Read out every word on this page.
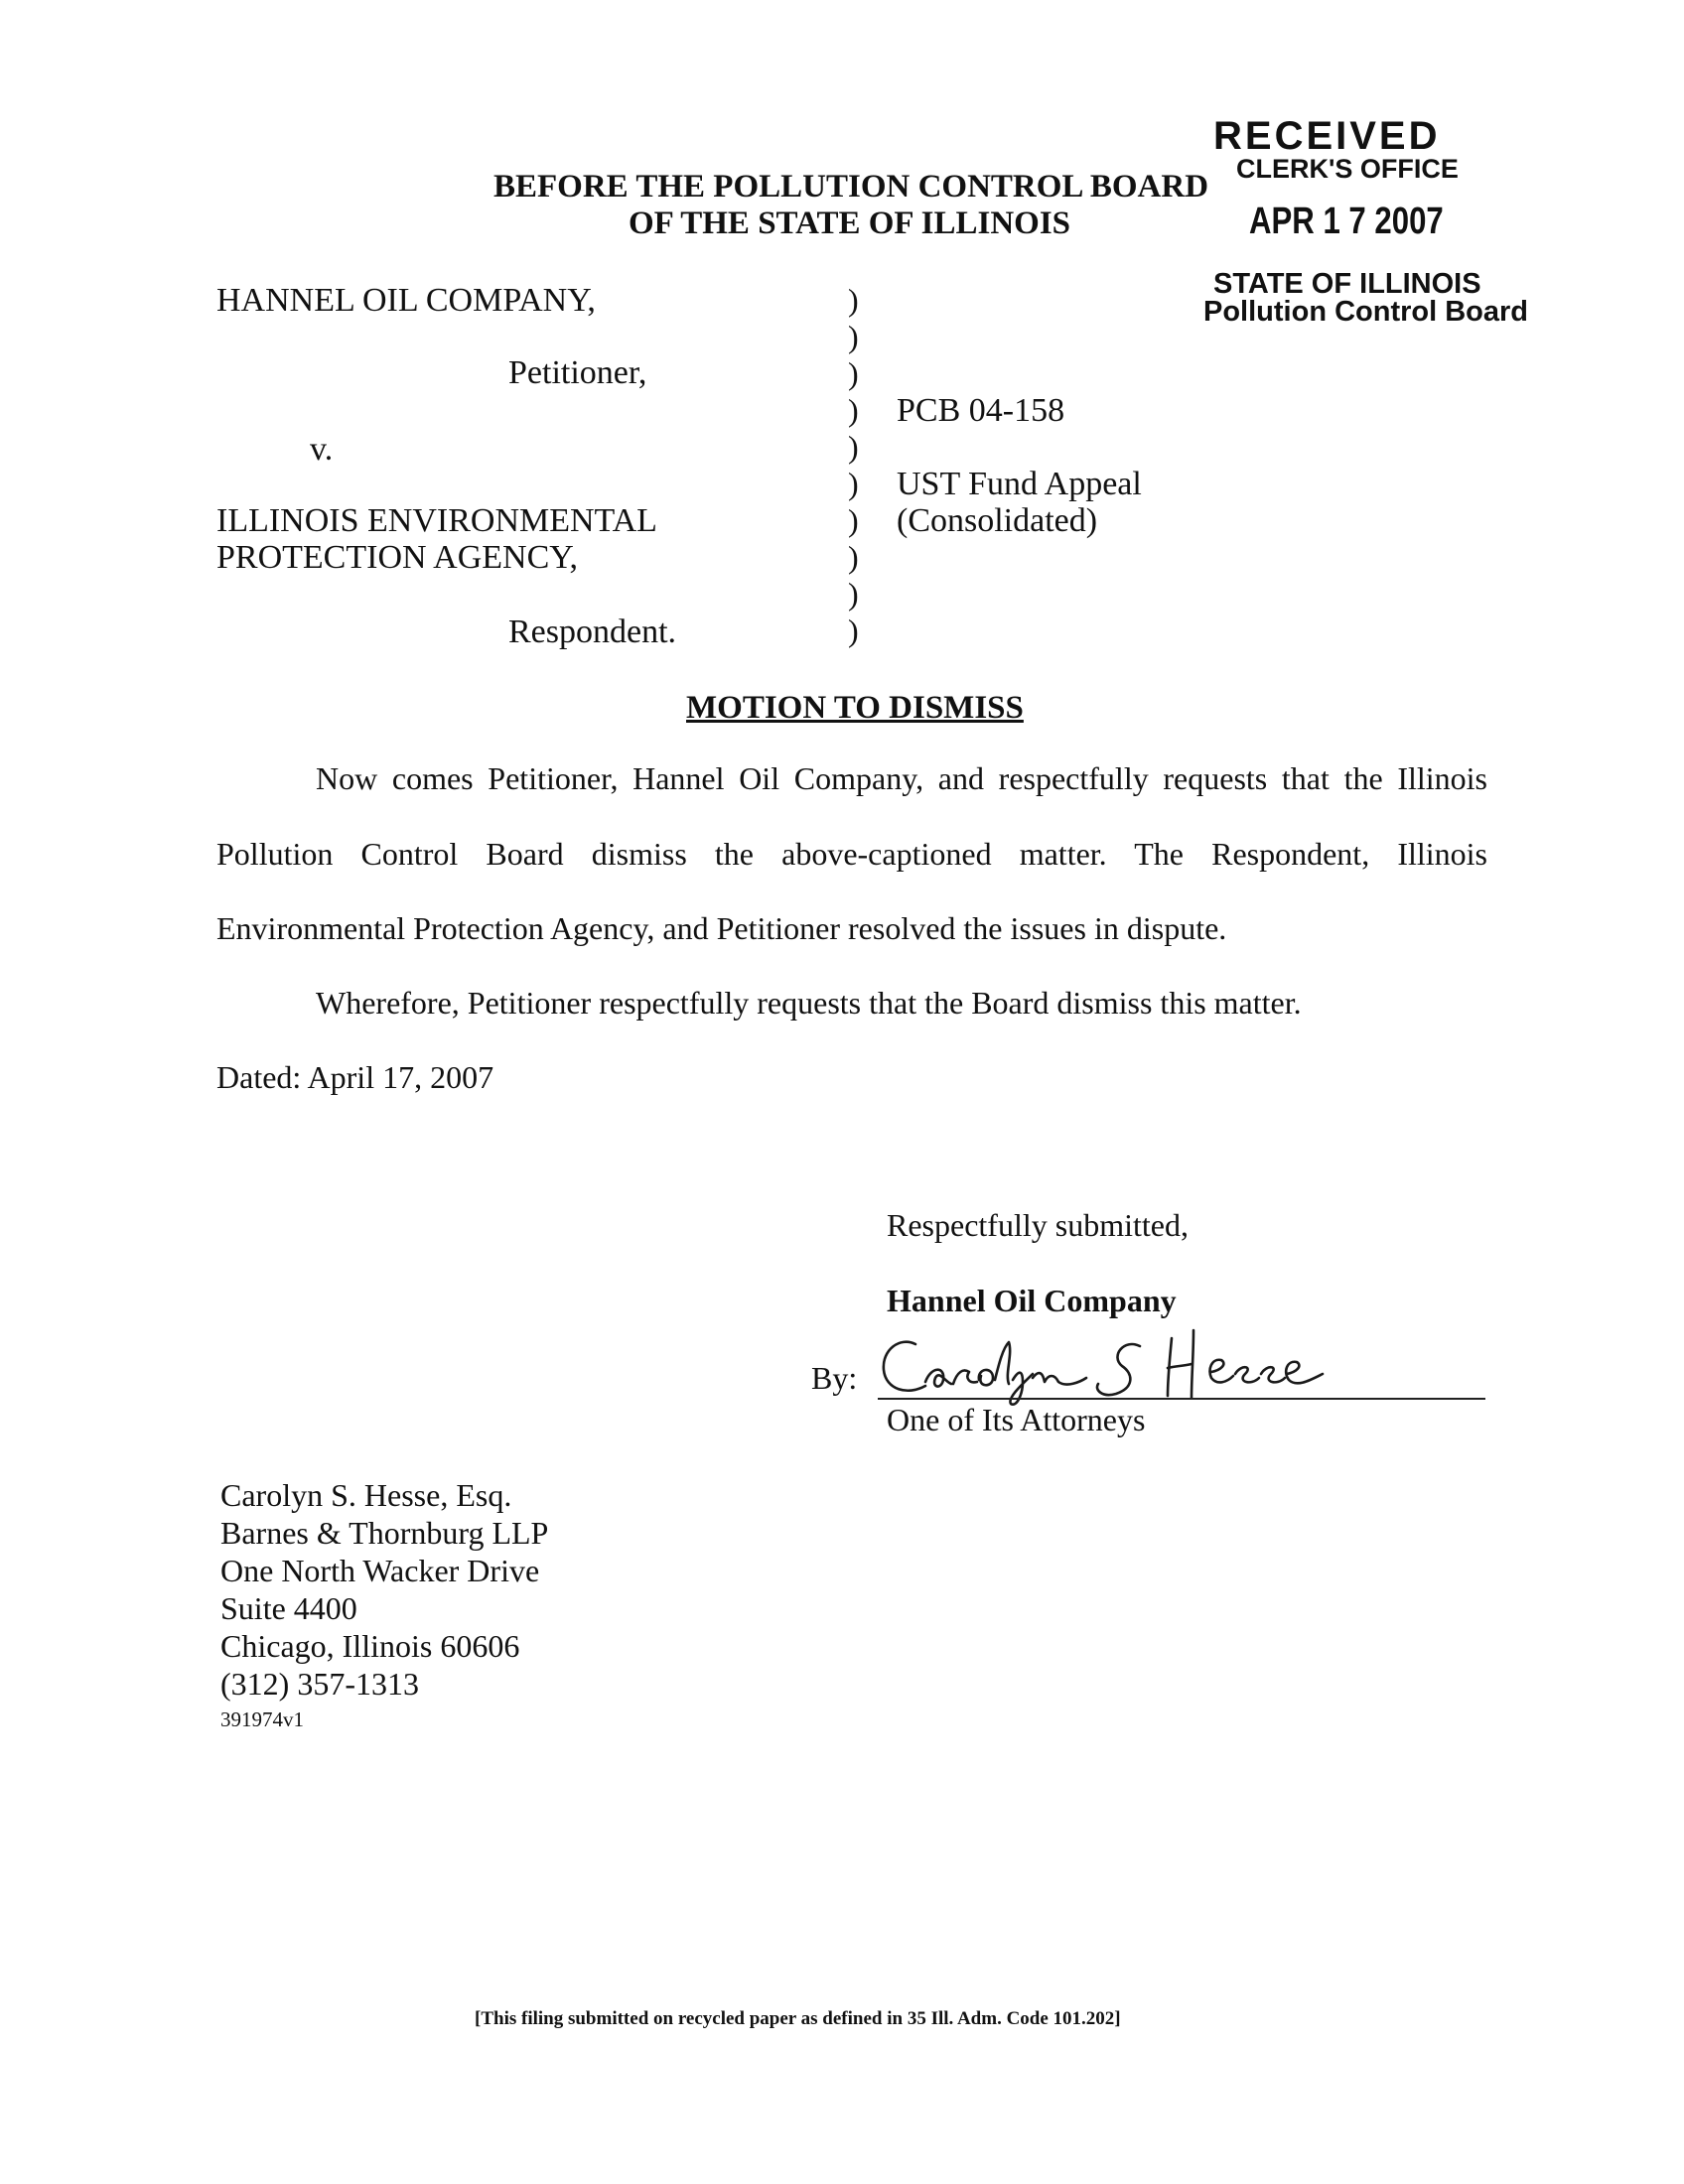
RECEIVED
CLERK'S OFFICE
APR 1 7 2007
STATE OF ILLINOIS
Pollution Control Board
BEFORE THE POLLUTION CONTROL BOARD
OF THE STATE OF ILLINOIS
HANNEL OIL COMPANY,
Petitioner,
v.
ILLINOIS ENVIRONMENTAL
PROTECTION AGENCY,
Respondent.
)
)
)
)
)
)
)
)
)
)
PCB 04-158
UST Fund Appeal
(Consolidated)
MOTION TO DISMISS
Now comes Petitioner, Hannel Oil Company, and respectfully requests that the Illinois
Pollution Control Board dismiss the above-captioned matter. The Respondent, Illinois
Environmental Protection Agency, and Petitioner resolved the issues in dispute.
Wherefore, Petitioner respectfully requests that the Board dismiss this matter.
Dated: April 17, 2007
Respectfully submitted,
Hannel Oil Company
By:
One of Its Attorneys
Carolyn S. Hesse, Esq.
Barnes & Thornburg LLP
One North Wacker Drive
Suite 4400
Chicago, Illinois 60606
(312) 357-1313
391974v1
[This filing submitted on recycled paper as defined in 35 Ill. Adm. Code 101.202]
